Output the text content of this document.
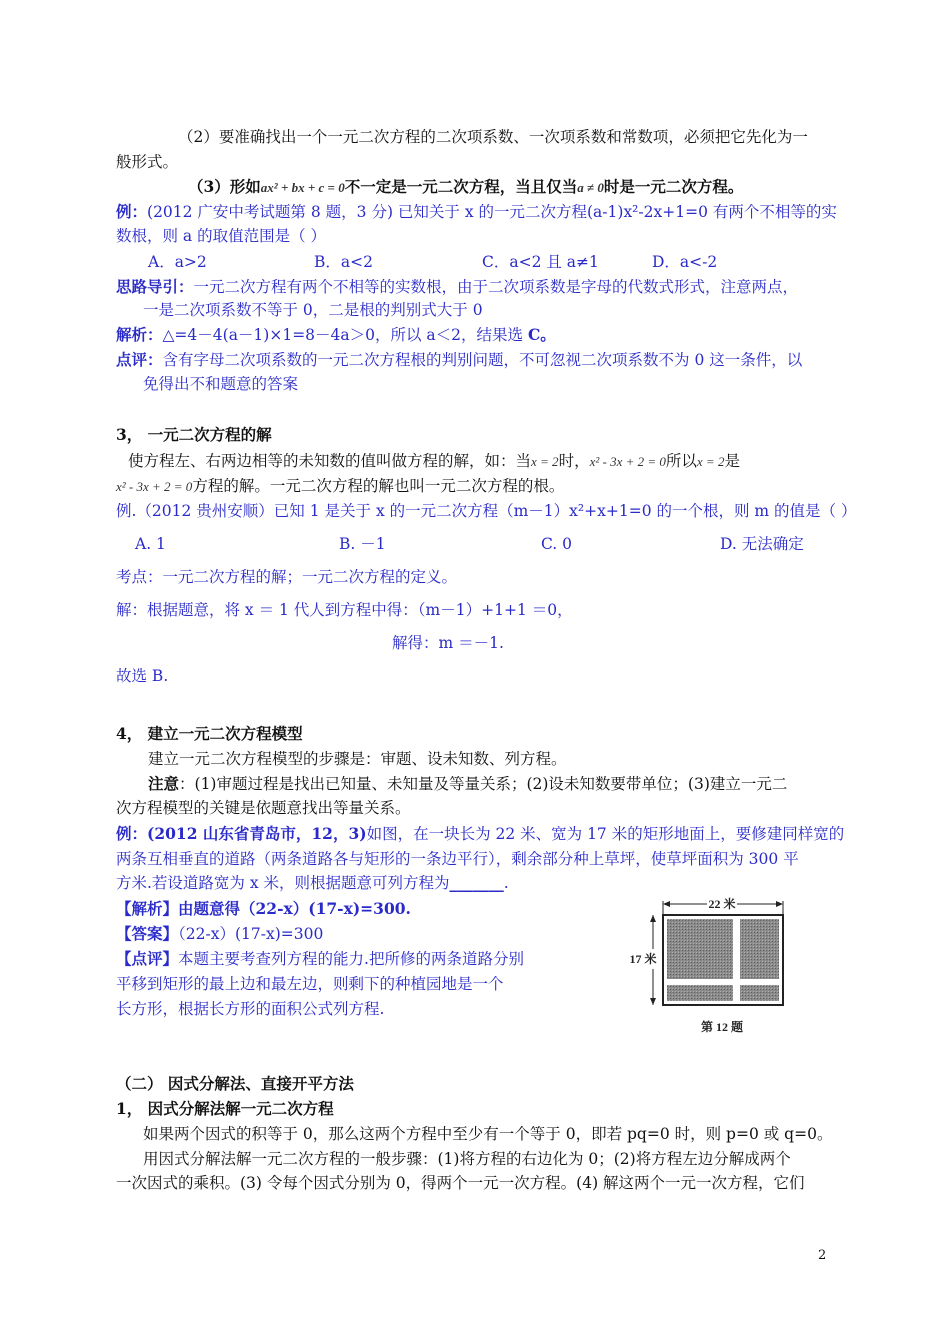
（2）要准确找出一个一元二次方程的二次项系数、一次项系数和常数项，必须把它先化为一
般形式。
（3）形如ax² + bx + c = 0不一定是一元二次方程，当且仅当a ≠ 0时是一元二次方程。
例：(2012 广安中考试题第 8 题，3 分) 已知关于 x 的一元二次方程(a-1)x²-2x+1=0 有两个不相等的实
数根，则 a 的取值范围是（ ）
A．a>2	B．a<2	C．a<2 且 a≠1	D．a<-2
思路导引：一元二次方程有两个不相等的实数根，由于二次项系数是字母的代数式形式，注意两点，
一是二次项系数不等于 0，二是根的判别式大于 0
解析：△=4－4(a－1)×1=8－4a＞0，所以 a＜2，结果选 C。
点评：含有字母二次项系数的一元二次方程根的判别问题，不可忽视二次项系数不为 0 这一条件，以
免得出不和题意的答案
3， 一元二次方程的解
使方程左、右两边相等的未知数的值叫做方程的解，如：当x = 2时，x² - 3x + 2 = 0所以x = 2是
x² - 3x + 2 = 0方程的解。一元二次方程的解也叫一元二次方程的根。
例.（2012 贵州安顺）已知 1 是关于 x 的一元二次方程（m－1）x²+x+1=0 的一个根，则 m 的值是（ ）
A. 1	B. －1	C. 0	D. 无法确定
考点：一元二次方程的解；一元二次方程的定义。
解：根据题意，将 x ＝ 1 代人到方程中得：（m－1）+1+1 ＝0，
解得：m ＝－1.
故选 B.
4， 建立一元二次方程模型
建立一元二次方程模型的步骤是：审题、设未知数、列方程。
注意：(1)审题过程是找出已知量、未知量及等量关系；(2)设未知数要带单位；(3)建立一元二
次方程模型的关键是依题意找出等量关系。
例：(2012 山东省青岛市，12，3)如图，在一块长为 22 米、宽为 17 米的矩形地面上，要修建同样宽的
两条互相垂直的道路（两条道路各与矩形的一条边平行），剩余部分种上草坪，使草坪面积为 300 平
方米.若设道路宽为 x 米，则根据题意可列方程为_______.
【解析】由题意得（22-x）(17-x)=300.
【答案】（22-x）(17-x)=300
【点评】本题主要考查列方程的能力.把所修的两条道路分别
平移到矩形的最上边和最左边，则剩下的种植园地是一个
长方形，根据长方形的面积公式列方程.
22 米
17 米
第 12 题
（二） 因式分解法、直接开平方法
1， 因式分解法解一元二次方程
如果两个因式的积等于 0，那么这两个方程中至少有一个等于 0，即若 pq=0 时，则 p=0 或 q=0。
用因式分解法解一元二次方程的一般步骤：(1)将方程的右边化为 0；(2)将方程左边分解成两个
一次因式的乘积。(3) 令每个因式分别为 0，得两个一元一次方程。(4) 解这两个一元一次方程，它们
2
